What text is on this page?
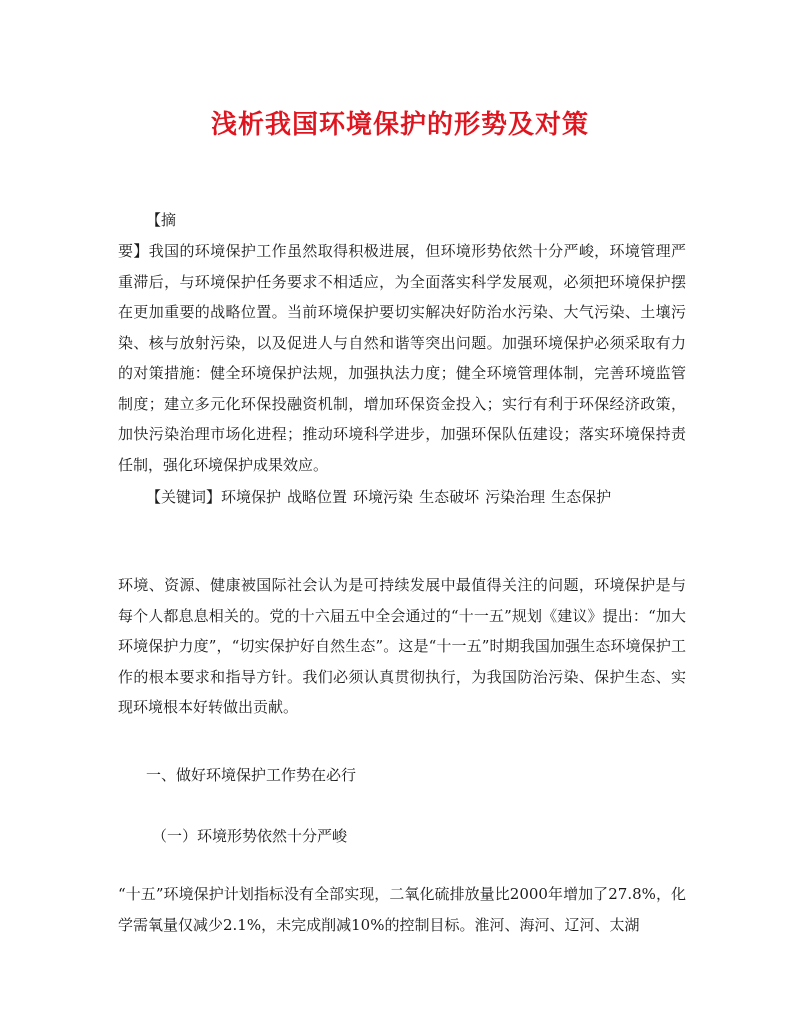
浅析我国环境保护的形势及对策
【摘
要】我国的环境保护工作虽然取得积极进展，但环境形势依然十分严峻，环境管理严重滞后，与环境保护任务要求不相适应，为全面落实科学发展观，必须把环境保护摆在更加重要的战略位置。当前环境保护要切实解决好防治水污染、大气污染、土壤污染、核与放射污染，以及促进人与自然和谐等突出问题。加强环境保护必须采取有力的对策措施：健全环境保护法规，加强执法力度；健全环境管理体制，完善环境监管制度；建立多元化环保投融资机制，增加环保资金投入；实行有利于环保经济政策，加快污染治理市场化进程；推动环境科学进步，加强环保队伍建设；落实环境保持责任制，强化环境保护成果效应。
【关键词】环境保护 战略位置 环境污染 生态破坏 污染治理 生态保护
环境、资源、健康被国际社会认为是可持续发展中最值得关注的问题，环境保护是与每个人都息息相关的。党的十六届五中全会通过的“十一五”规划《建议》提出：“加大环境保护力度”，“切实保护好自然生态”。这是“十一五”时期我国加强生态环境保护工作的根本要求和指导方针。我们必须认真贯彻执行，为我国防治污染、保护生态、实现环境根本好转做出贡献。
一、做好环境保护工作势在必行
（一）环境形势依然十分严峻
“十五”环境保护计划指标没有全部实现，二氧化硫排放量比2000年增加了27.8%，化学需氧量仅减少2.1%，未完成削减10%的控制目标。淮河、海河、辽河、太湖
